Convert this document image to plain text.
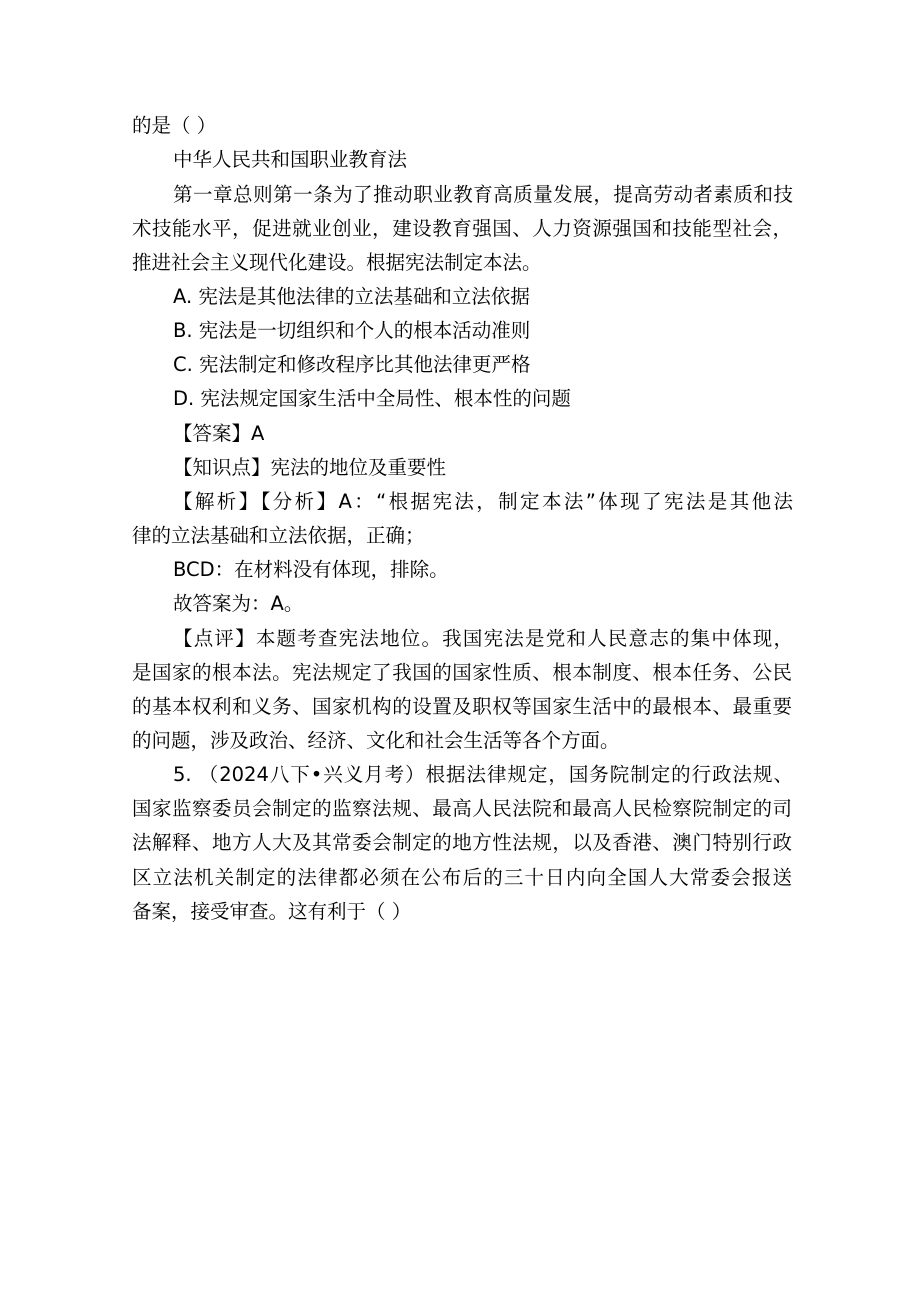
的是（ ）
中华人民共和国职业教育法
第一章总则第一条为了推动职业教育高质量发展，提高劳动者素质和技
术技能水平，促进就业创业，建设教育强国、人力资源强国和技能型社会，
推进社会主义现代化建设。根据宪法制定本法。
A. 宪法是其他法律的立法基础和立法依据
B. 宪法是一切组织和个人的根本活动准则
C. 宪法制定和修改程序比其他法律更严格
D. 宪法规定国家生活中全局性、根本性的问题
【答案】A
【知识点】宪法的地位及重要性
【解析】【分析】A：“根据宪法，制定本法”体现了宪法是其他法
律的立法基础和立法依据，正确；
BCD：在材料没有体现，排除。
故答案为：A。
【点评】本题考查宪法地位。我国宪法是党和人民意志的集中体现，
是国家的根本法。宪法规定了我国的国家性质、根本制度、根本任务、公民
的基本权利和义务、国家机构的设置及职权等国家生活中的最根本、最重要
的问题，涉及政治、经济、文化和社会生活等各个方面。
5. （2024八下•兴义月考）根据法律规定，国务院制定的行政法规、
国家监察委员会制定的监察法规、最高人民法院和最高人民检察院制定的司
法解释、地方人大及其常委会制定的地方性法规，以及香港、澳门特别行政
区立法机关制定的法律都必须在公布后的三十日内向全国人大常委会报送
备案，接受审查。这有利于（ ）
